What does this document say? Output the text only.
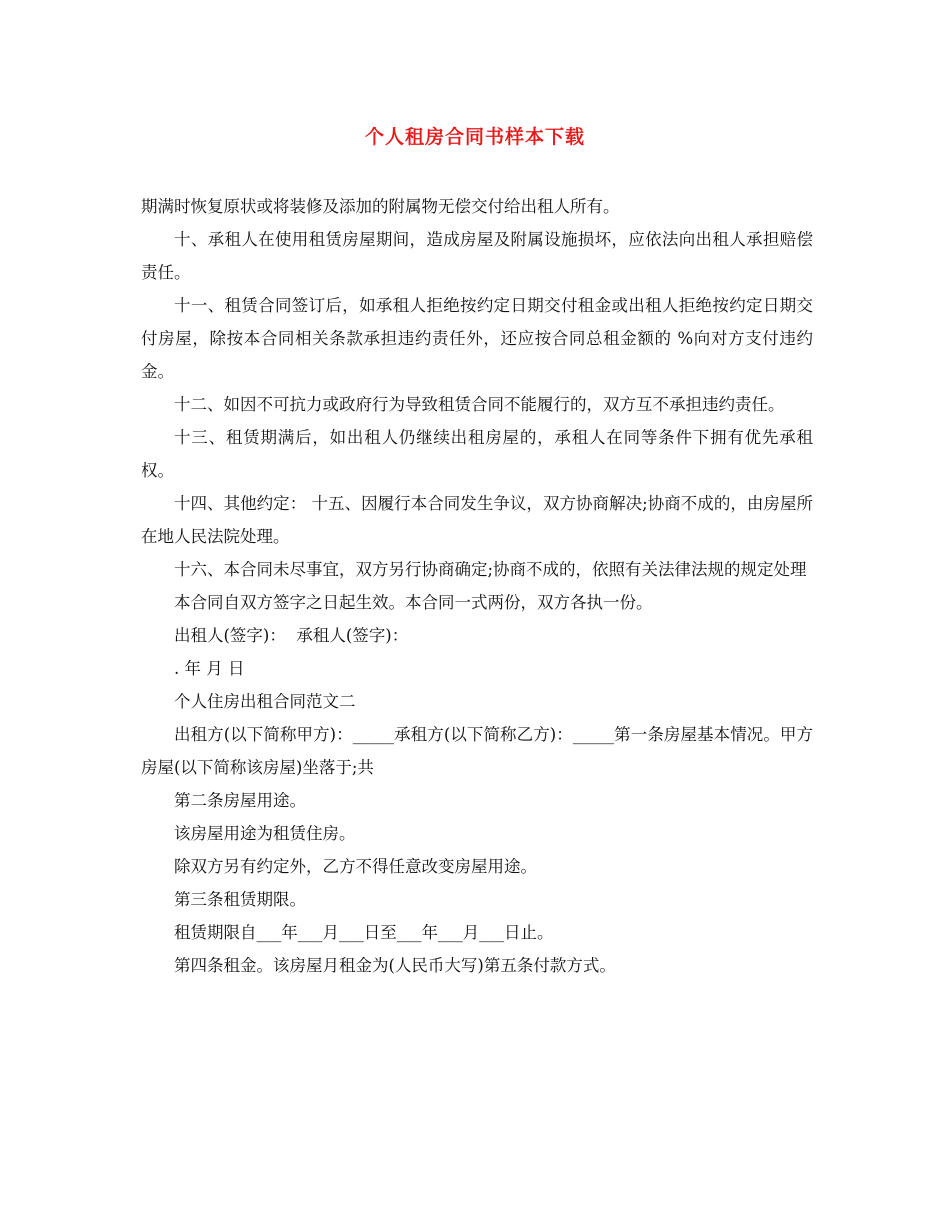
个人租房合同书样本下载

期满时恢复原状或将装修及添加的附属物无偿交付给出租人所有。

十、承租人在使用租赁房屋期间，造成房屋及附属设施损坏，应依法向出租人承担赔偿责任。

十一、租赁合同签订后，如承租人拒绝按约定日期交付租金或出租人拒绝按约定日期交付房屋，除按本合同相关条款承担违约责任外，还应按合同总租金额的 %向对方支付违约金。

十二、如因不可抗力或政府行为导致租赁合同不能履行的，双方互不承担违约责任。

十三、租赁期满后，如出租人仍继续出租房屋的，承租人在同等条件下拥有优先承租权。

十四、其他约定： 十五、因履行本合同发生争议，双方协商解决;协商不成的，由房屋所在地人民法院处理。

十六、本合同未尽事宜，双方另行协商确定;协商不成的，依照有关法律法规的规定处理

本合同自双方签字之日起生效。本合同一式两份，双方各执一份。

出租人(签字)：  承租人(签字)：

. 年 月 日

个人住房出租合同范文二

出租方(以下简称甲方)：_____承租方(以下简称乙方)：_____第一条房屋基本情况。甲方房屋(以下简称该房屋)坐落于;共

第二条房屋用途。

该房屋用途为租赁住房。

除双方另有约定外，乙方不得任意改变房屋用途。

第三条租赁期限。

租赁期限自___年___月___日至___年___月___日止。

第四条租金。该房屋月租金为(人民币大写)第五条付款方式。
